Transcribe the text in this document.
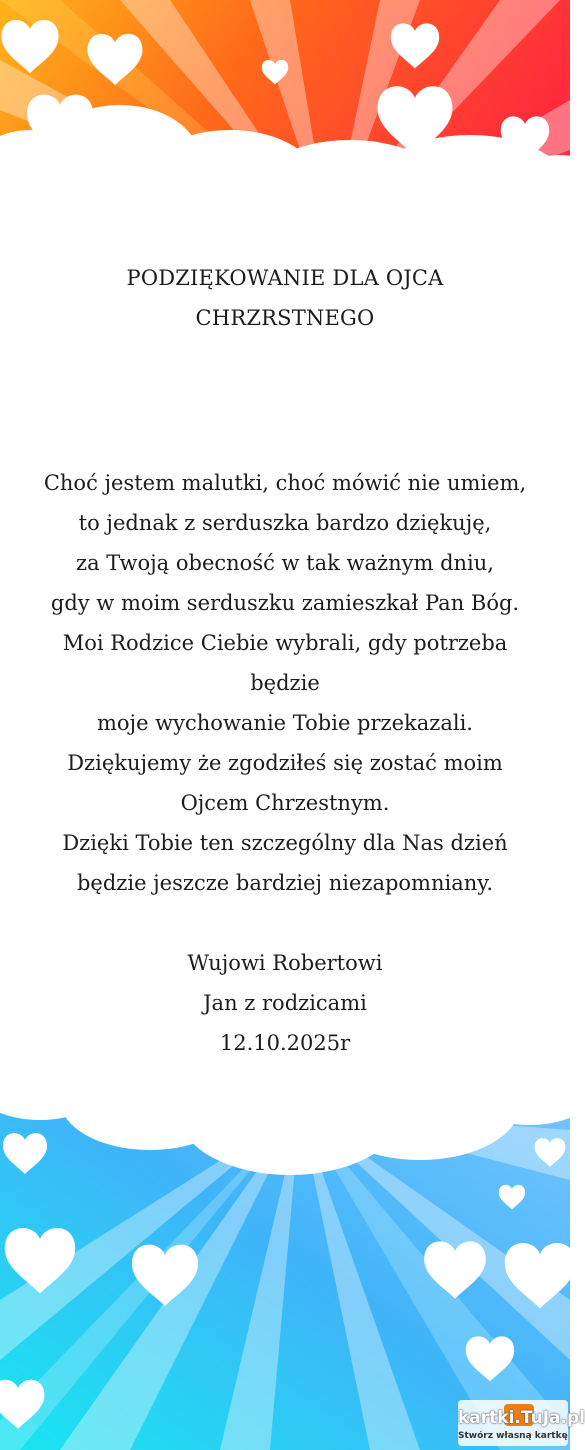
PODZIĘKOWANIE DLA OJCA
CHRZRSTNEGO
Choć jestem malutki, choć mówić nie umiem,
to jednak z serduszka bardzo dziękuję,
za Twoją obecność w tak ważnym dniu,
gdy w moim serduszku zamieszkał Pan Bóg.
Moi Rodzice Ciebie wybrali, gdy potrzeba
będzie
moje wychowanie Tobie przekazali.
Dziękujemy że zgodziłeś się zostać moim
Ojcem Chrzestnym.
Dzięki Tobie ten szczególny dla Nas dzień
będzie jeszcze bardziej niezapomniany.
Wujowi Robertowi
Jan z rodzicami
12.10.2025r
kartki.TuJa.pl
Stwórz własną kartkę
